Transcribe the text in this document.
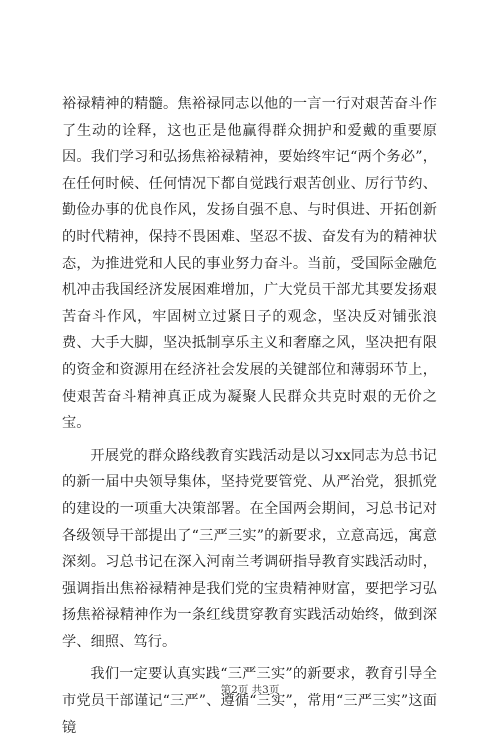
裕禄精神的精髓。焦裕禄同志以他的一言一行对艰苦奋斗作了生动的诠释，这也正是他赢得群众拥护和爱戴的重要原因。我们学习和弘扬焦裕禄精神，要始终牢记“两个务必”，在任何时候、任何情况下都自觉践行艰苦创业、厉行节约、勤俭办事的优良作风，发扬自强不息、与时俱进、开拓创新的时代精神，保持不畏困难、坚忍不拔、奋发有为的精神状态，为推进党和人民的事业努力奋斗。当前，受国际金融危机冲击我国经济发展困难增加，广大党员干部尤其要发扬艰苦奋斗作风，牢固树立过紧日子的观念，坚决反对铺张浪费、大手大脚，坚决抵制享乐主义和奢靡之风，坚决把有限的资金和资源用在经济社会发展的关键部位和薄弱环节上，使艰苦奋斗精神真正成为凝聚人民群众共克时艰的无价之宝。

开展党的群众路线教育实践活动是以习xx同志为总书记的新一届中央领导集体，坚持党要管党、从严治党，狠抓党的建设的一项重大决策部署。在全国两会期间，习总书记对各级领导干部提出了“三严三实”的新要求，立意高远，寓意深刻。习总书记在深入河南兰考调研指导教育实践活动时，强调指出焦裕禄精神是我们党的宝贵精神财富，要把学习弘扬焦裕禄精神作为一条红线贯穿教育实践活动始终，做到深学、细照、笃行。

我们一定要认真实践“三严三实”的新要求，教育引导全市党员干部谨记“三严”、遵循“三实”，常用“三严三实”这面镜

第2页 共3页
